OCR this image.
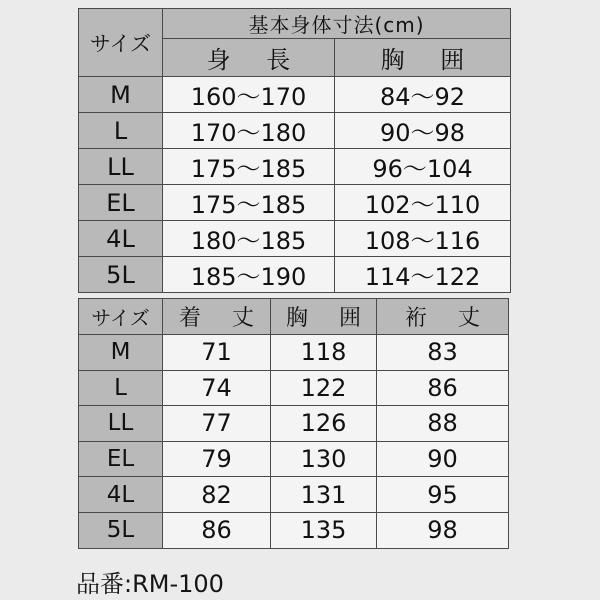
サイズ	基本身体寸法(cm)	
	身 長	胸 囲
M	160～170	84～92
L	170～180	90～98
LL	175～185	96～104
EL	175～185	102～110
4L	180～185	108～116
5L	185～190	114～122
サイズ	着 丈	胸 囲	裄 丈
M	71	118	83
L	74	122	86
LL	77	126	88
EL	79	130	90
4L	82	131	95
5L	86	135	98
品番:RM-100
